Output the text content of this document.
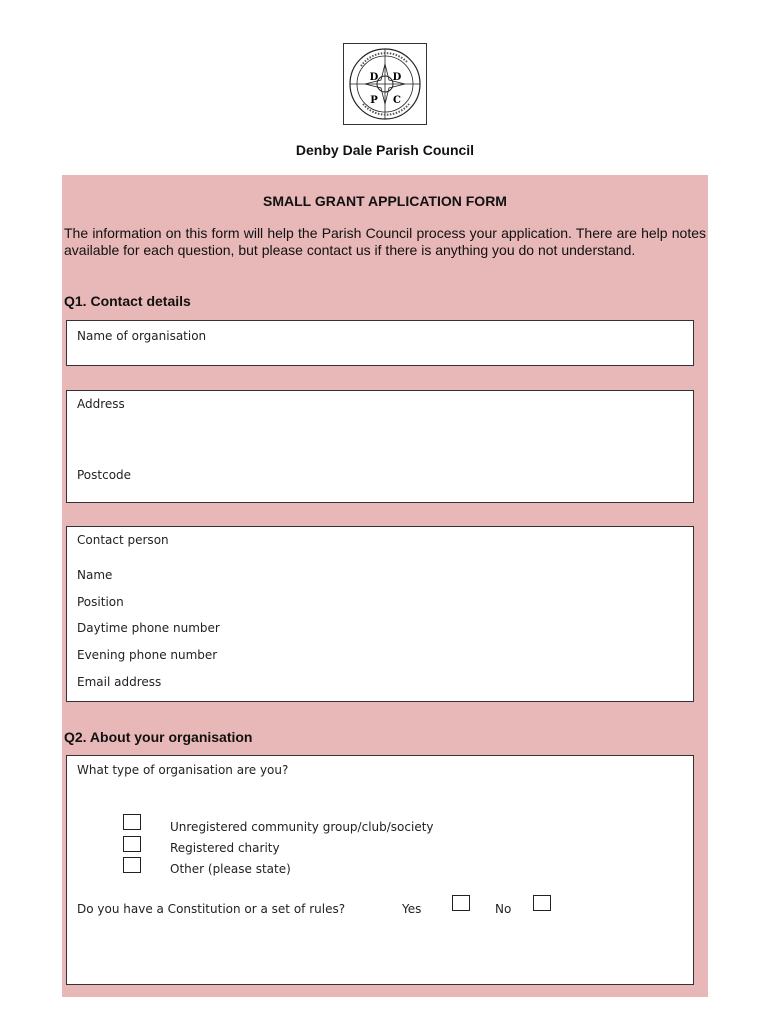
D D
P C
Denby Dale Parish Council
SMALL GRANT APPLICATION FORM
The information on this form will help the Parish Council process your application. There are help notes available for each question, but please contact us if there is anything you do not understand.
Q1. Contact details
Name of organisation
Address
Postcode
Contact person
Name
Position
Daytime phone number
Evening phone number
Email address
Q2. About your organisation
What type of organisation are you?
Unregistered community group/club/society
Registered charity
Other (please state)
Do you have a Constitution or a set of rules?	Yes	No
